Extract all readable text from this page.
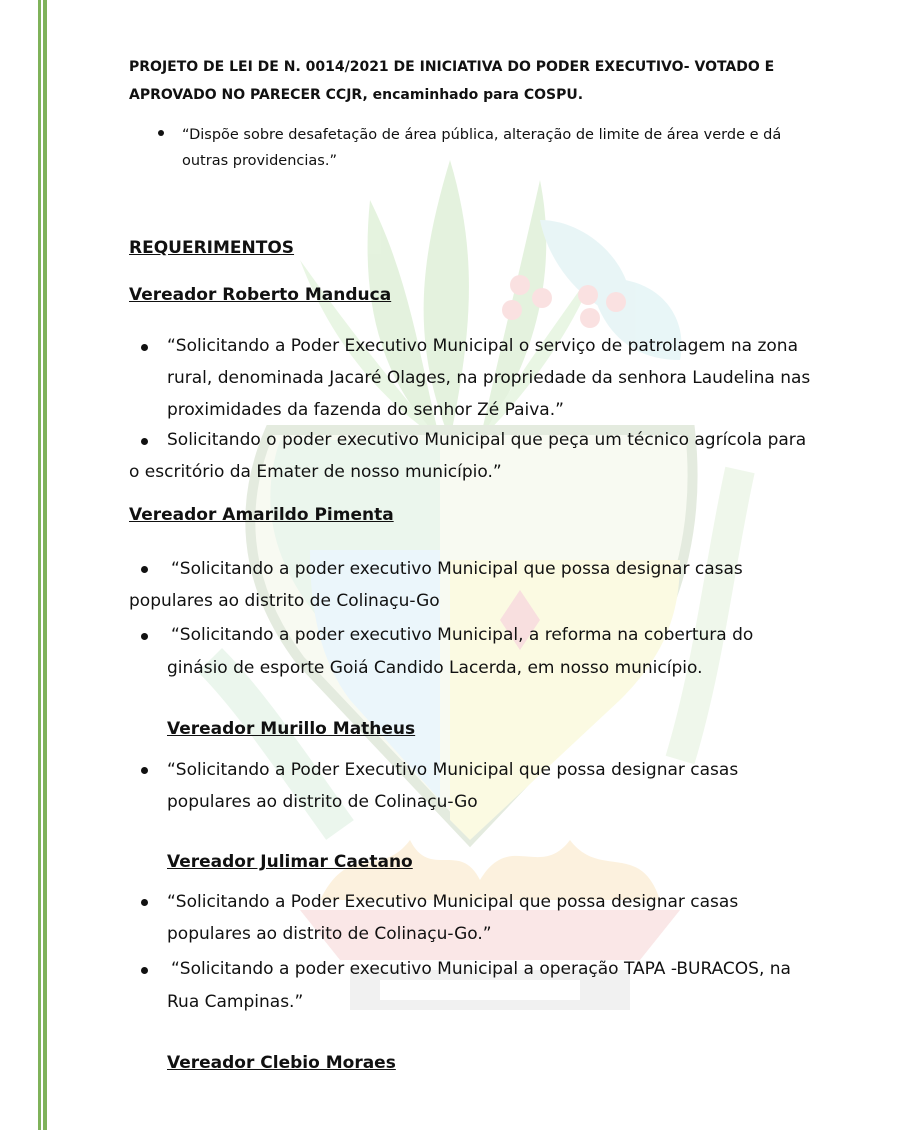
PROJETO DE LEI DE N. 0014/2021 DE INICIATIVA DO PODER EXECUTIVO- VOTADO E
APROVADO NO PARECER CCJR, encaminhado para COSPU.
“Dispõe sobre desafetação de área pública, alteração de limite de área verde e dá
outras providencias.”
REQUERIMENTOS
Vereador Roberto Manduca
“Solicitando a Poder Executivo Municipal o serviço de patrolagem na zona
rural, denominada Jacaré Olages, na propriedade da senhora Laudelina nas
proximidades da fazenda do senhor Zé Paiva.”
Solicitando o poder executivo Municipal que peça um técnico agrícola para
o escritório da Emater de nosso município.”
Vereador Amarildo Pimenta
“Solicitando a poder executivo Municipal que possa designar casas
populares ao distrito de Colinaçu-Go
“Solicitando a poder executivo Municipal, a reforma na cobertura do
ginásio de esporte Goiá Candido Lacerda, em nosso município.
Vereador Murillo Matheus
“Solicitando a Poder Executivo Municipal que possa designar casas
populares ao distrito de Colinaçu-Go
Vereador Julimar Caetano
“Solicitando a Poder Executivo Municipal que possa designar casas
populares ao distrito de Colinaçu-Go.”
“Solicitando a poder executivo Municipal a operação TAPA -BURACOS, na
Rua Campinas.”
Vereador Clebio Moraes
